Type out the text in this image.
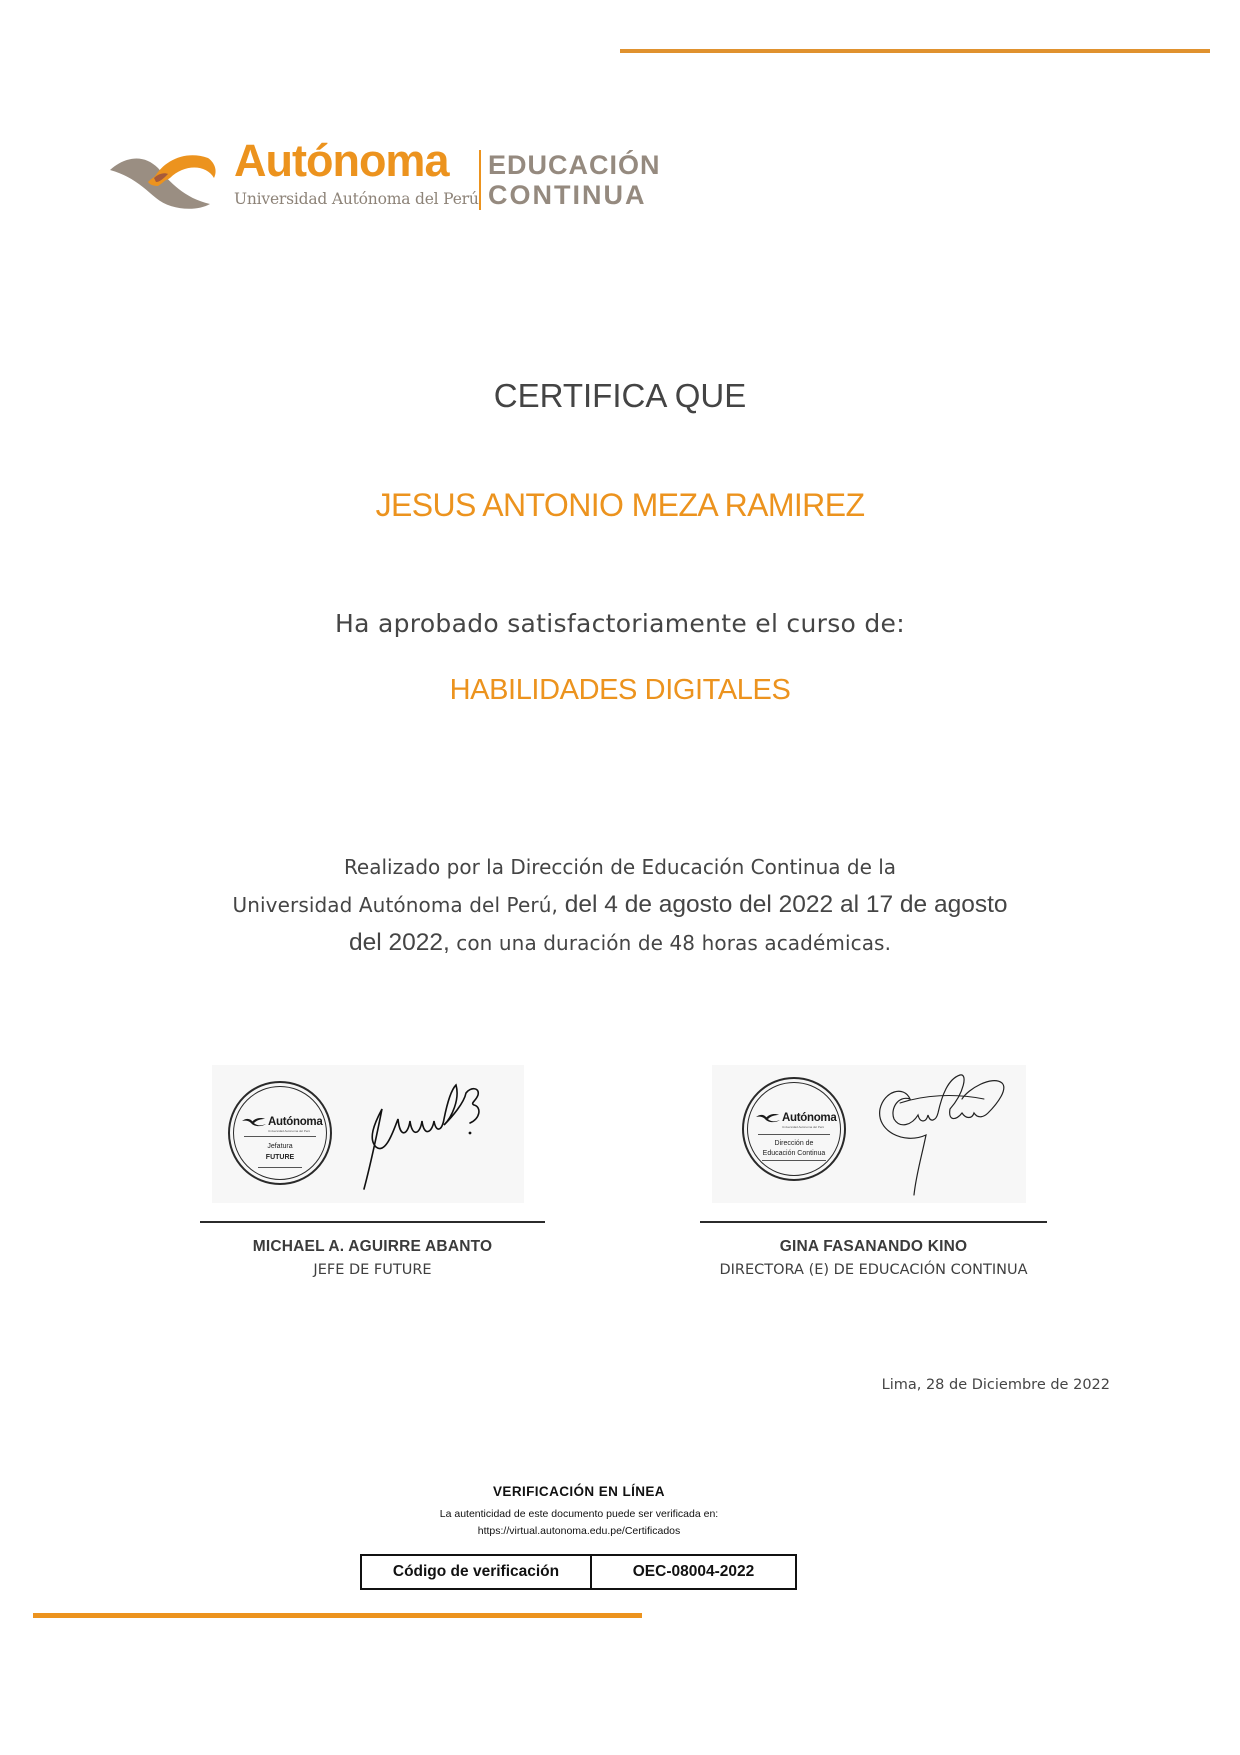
Autónoma
Universidad Autónoma del Perú
EDUCACIÓN
CONTINUA
CERTIFICA QUE
JESUS ANTONIO MEZA RAMIREZ
Ha aprobado satisfactoriamente el curso de:
HABILIDADES DIGITALES
Realizado por la Dirección de Educación Continua de la
Universidad Autónoma del Perú, del 4 de agosto del 2022 al 17 de agosto
del 2022, con una duración de 48 horas académicas.
Autónoma
Universidad Autónoma del Perú
Jefatura
FUTURE
MICHAEL A. AGUIRRE ABANTO
JEFE DE FUTURE
Autónoma
Universidad Autónoma del Perú
Dirección de
Educación Continua
GINA FASANANDO KINO
DIRECTORA (E) DE EDUCACIÓN CONTINUA
Lima, 28 de Diciembre de 2022
VERIFICACIÓN EN LÍNEA
La autenticidad de este documento puede ser verificada en:
https://virtual.autonoma.edu.pe/Certificados
Código de verificación	OEC-08004-2022
